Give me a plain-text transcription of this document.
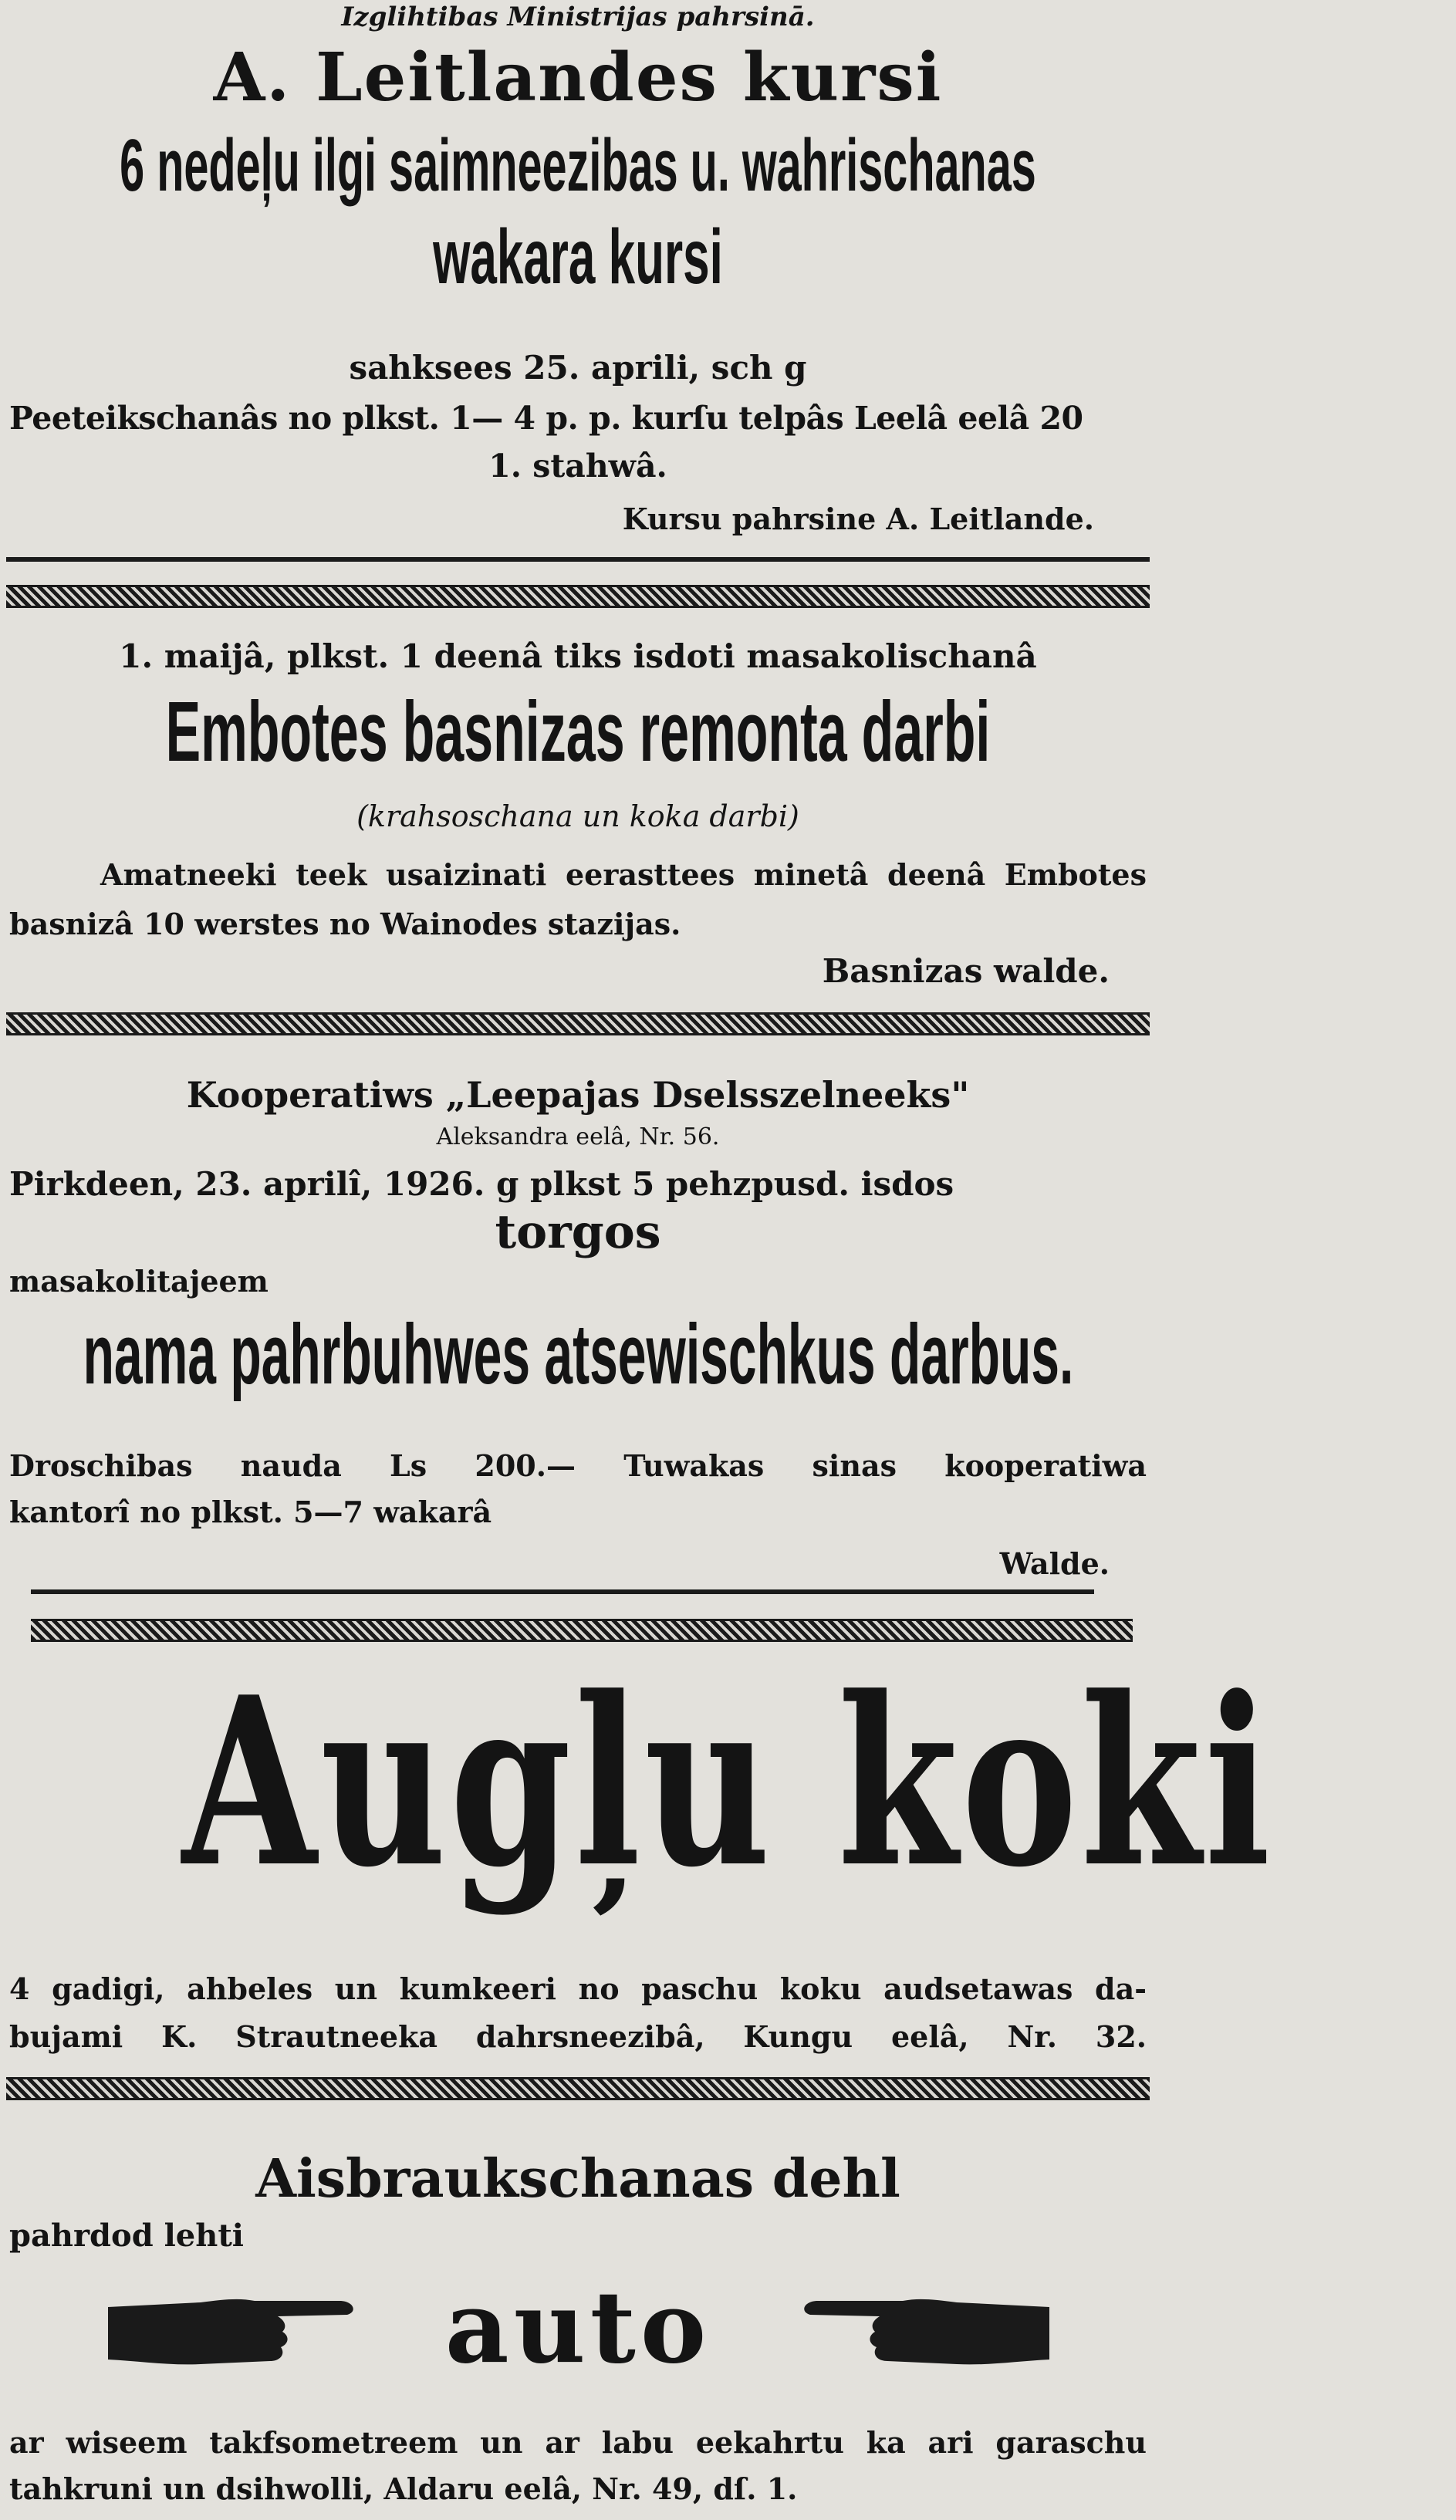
Izglihtibas Ministrijas pahrsinā.
A. Leitlandes kursi
6 nedeļu ilgi saimneezibas u. wahrischanas
wakara kursi
sahksees 25. aprili, sch g
Peeteikschanâs no plkst. 1— 4 p. p. kurſu telpâs Leelâ eelâ 20
1. stahwâ.
Kursu pahrsine A. Leitlande.
1. maijâ, plkst. 1 deenâ tiks isdoti masakolischanâ
Embotes basnizas remonta darbi
(krahsoschana un koka darbi)
Amatneeki teek usaizinati eerasttees minetâ deenâ Embotes
basnizâ 10 werstes no Wainodes stazijas.
Basnizas walde.
Kooperatiws „Leepajas Dselsszelneeks"
Aleksandra eelâ, Nr. 56.
Pirkdeen, 23. aprilî, 1926. g plkst 5 pehzpusd. isdos
torgos
masakolitajeem
nama pahrbuhwes atsewischkus darbus.
Droschibas nauda Ls 200.— Tuwakas sinas kooperatiwa
kantorî no plkst. 5—7 wakarâ
Walde.
Augļu koki
4 gadigi, ahbeles un kumkeeri no paschu koku audsetawas da-
bujami K. Strautneeka dahrsneezibâ, Kungu eelâ, Nr. 32.
Aisbraukschanas dehl
pahrdod lehti
auto
ar wiseem takfsometreem un ar labu eekahrtu ka ari garaschu
tahkruni un dsihwolli, Aldaru eelâ, Nr. 49, dſ. 1.
